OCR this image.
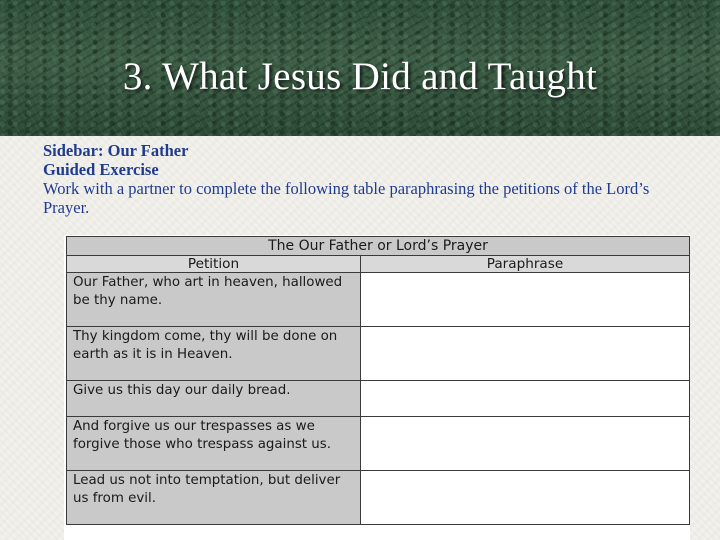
3. What Jesus Did and Taught
Sidebar: Our Father
Guided Exercise
Work with a partner to complete the following table paraphrasing the petitions of the Lord’s Prayer.
The Our Father or Lord’s Prayer	
Petition	Paraphrase
Our Father, who art in heaven, hallowed be thy name.	
Thy kingdom come, thy will be done on earth as it is in Heaven.	
Give us this day our daily bread.	
And forgive us our trespasses as we forgive those who trespass against us.	
Lead us not into temptation, but deliver us from evil.	
